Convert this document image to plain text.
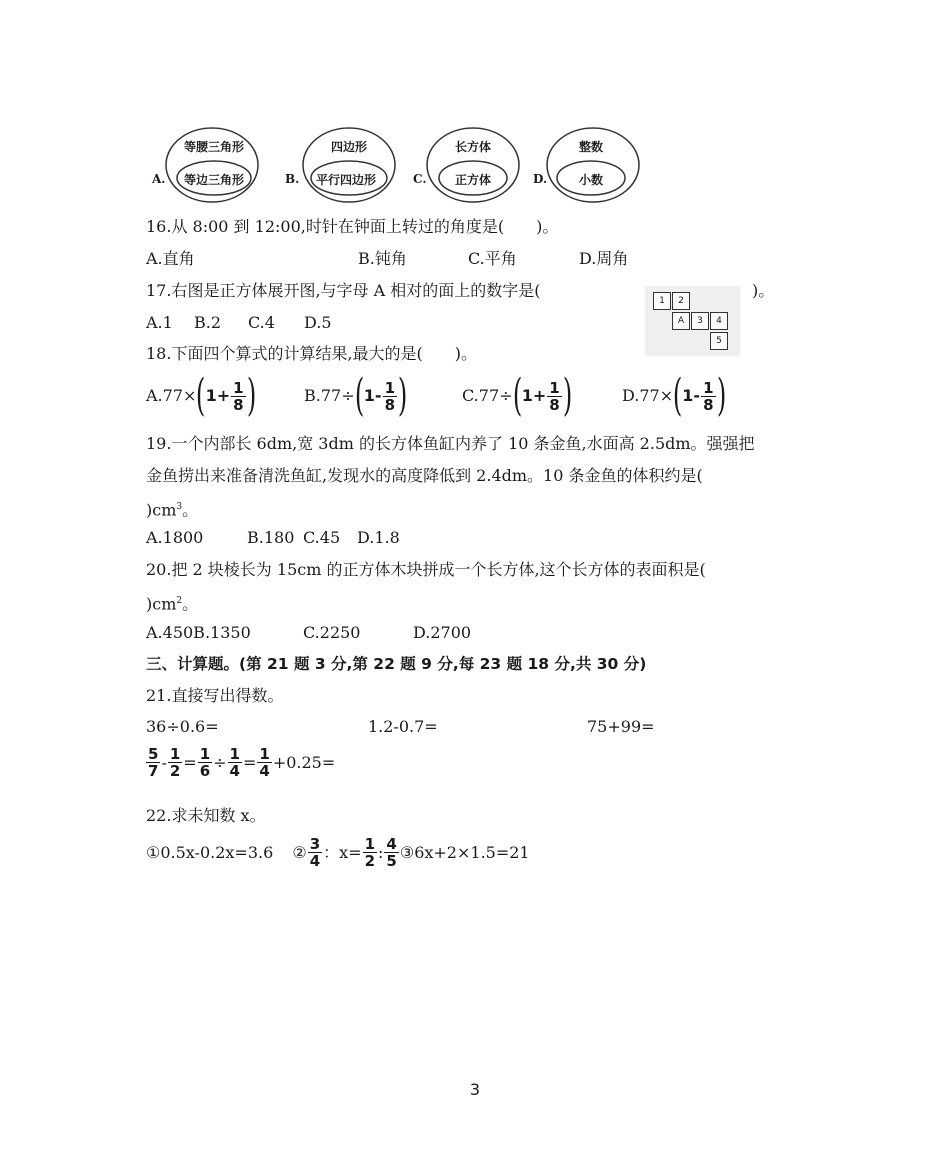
A.
等腰三角形
等边三角形	B.
四边形
平行四边形	C.
长方体
正方体	D.
整数
小数
16.从 8:00 到 12:00,时针在钟面上转过的角度是(　　)。
A.直角	B.钝角	C.平角	D.周角
17.右图是正方体展开图,与字母 A 相对的面上的数字是(	)。
A.1 B.2 C.4 D.5
1	2
A	3	4
5
18.下面四个算式的计算结果,最大的是(　　)。
$A.77\times(1+ \frac{1}{8}$ )	$B.77\div(1- \frac{1}{8}$ )	$C.77\div(1+ \frac{1}{8}$ )	$D.77\times(1- \frac{1}{8}$ )
19.一个内部长 6dm,宽 3dm 的长方体鱼缸内养了 10 条金鱼,水面高 2.5dm。强强把
金鱼捞出来准备清洗鱼缸,发现水的高度降低到 2.4dm。10 条金鱼的体积约是(
)$cm^3$。
A.1800	B.180 C.45 D.1.8
20.把 2 块棱长为 15cm 的正方体木块拼成一个长方体,这个长方体的表面积是(
)$cm^2$。
A.450B.1350	C.2250	D.2700
三、计算题。(第 21 题 3 分,第 22 题 9 分,每 23 题 18 分,共 30 分)
21.直接写出得数。
36÷0.6=	1.2-0.7=	75+99=
$\frac{5}{7} - \frac{1}{2} = \frac{1}{6} \div \frac{1}{4} = \frac{1}{4} +0.25=$
22.求未知数 x。
①0.5x-0.2x=3.6 ② $\frac{3}{4}$ ：$x= \frac{1}{2}$ : $\frac{4}{5}$ ③6x+2×1.5=21
3
